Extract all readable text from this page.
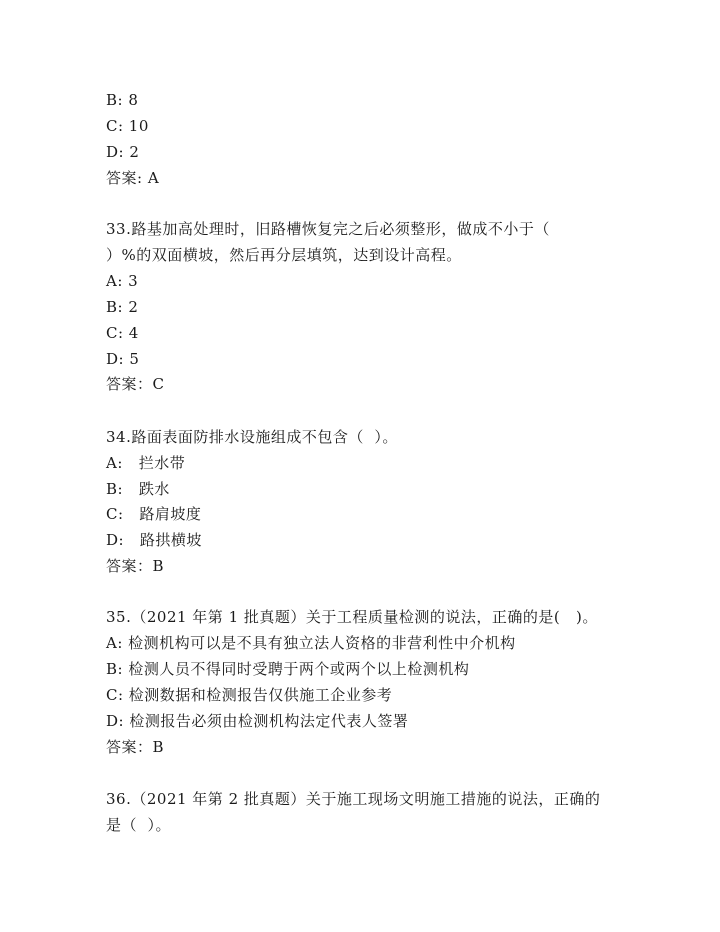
B: 8
C: 10
D: 2
答案: A
33.路基加高处理时，旧路槽恢复完之后必须整形，做成不小于（
）%的双面横坡，然后再分层填筑，达到设计高程。
A: 3
B: 2
C: 4
D: 5
答案：C
34.路面表面防排水设施组成不包含（  ）。
A:   拦水带
B:   跌水
C:   路肩坡度
D:   路拱横坡
答案：B
35.（2021 年第 1 批真题）关于工程质量检测的说法，正确的是(   )。
A: 检测机构可以是不具有独立法人资格的非营利性中介机构
B: 检测人员不得同时受聘于两个或两个以上检测机构
C: 检测数据和检测报告仅供施工企业参考
D: 检测报告必须由检测机构法定代表人签署
答案：B
36.（2021 年第 2 批真题）关于施工现场文明施工措施的说法，正确的
是（  ）。
